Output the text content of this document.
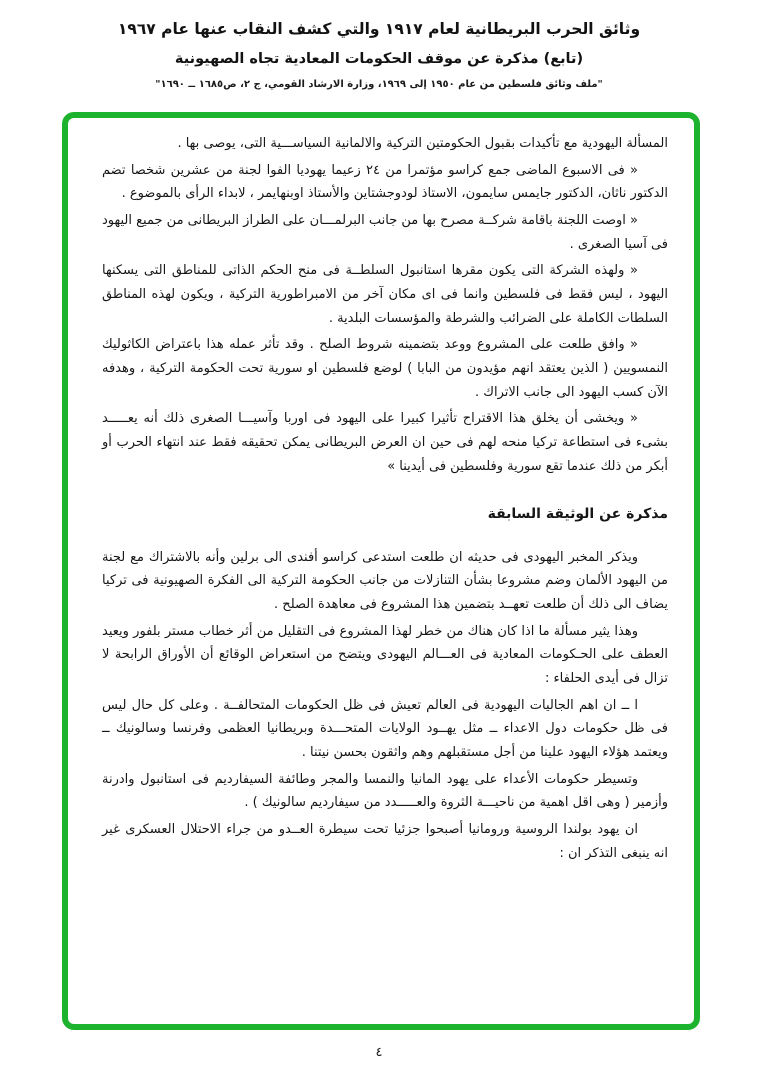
وثائق الحرب البريطانية لعام ١٩١٧ والتي كشف النقاب عنها عام ١٩٦٧
(تابع) مذكرة عن موقف الحكومات المعادية تجاه الصهيونية
"ملف وثائق فلسطين من عام ١٩٥٠ إلى ١٩٦٩، وزارة الارشاد القومي، ج ٢، ص١٦٨٥ ــ ١٦٩٠"

المسألة اليهودية مع تأكيدات بقبول الحكومتين التركية والالمانية السياســـية التى، يوصى بها .

« فى الاسبوع الماضى جمع كراسو مؤتمرا من ٢٤ زعيما يهوديا الفوا لجنة من عشرين شخصا تضم الدكتور ناثان، الدكتور جايمس سايمون، الاستاذ لودوجشتاين والأستاذ اوبنهايمر ، لابداء الرأى بالموضوع .

« اوصت اللجنة باقامة شركــة مصرح بها من جانب البرلمـــان على الطراز البريطانى من جميع اليهود فى آسيا الصغرى .

« ولهذه الشركة التى يكون مقرها استانبول السلطــة فى منح الحكم الذاتى للمناطق التى يسكنها اليهود ، ليس فقط فى فلسطين وانما فى اى مكان آخر من الامبراطورية التركية ، ويكون لهذه المناطق السلطات الكاملة على الضرائب والشرطة والمؤسسات البلدية .

« وافق طلعت على المشروع ووعد بتضمينه شروط الصلح . وقد تأثر عمله هذا باعتراض الكاثوليك النمسويين ( الذين يعتقد انهم مؤيدون من البابا ) لوضع فلسطين او سورية تحت الحكومة التركية ، وهدفه الآن كسب اليهود الى جانب الاتراك .

« ويخشى أن يخلق هذا الاقتراح تأثيرا كبيرا على اليهود فى اوربا وآسيـــا الصغرى ذلك أنه يعـــــد بشىء فى استطاعة تركيا منحه لهم فى حين ان العرض البريطانى يمكن تحقيقه فقط عند انتهاء الحرب أو أبكر من ذلك عندما تقع سورية وفلسطين فى أيدينا »

مذكرة عن الوثيقة السابقة

ويذكر المخبر اليهودى فى حديثه ان طلعت استدعى كراسو أفندى الى برلين وأنه بالاشتراك مع لجنة من اليهود الألمان وضم مشروعا بشأن التنازلات من جانب الحكومة التركية الى الفكرة الصهيونية فى تركيا يضاف الى ذلك أن طلعت تعهــد بتضمين هذا المشروع فى معاهدة الصلح .

وهذا يثير مسألة ما اذا كان هناك من خطر لهذا المشروع فى التقليل من أثر خطاب مستر بلفور ويعيد العطف على الحـكومات المعادية فى العـــالم اليهودى ويتضح من استعراض الوقائع أن الأوراق الرابحة لا تزال فى أيدى الحلفاء :

ا ــ ان اهم الجاليات اليهودية فى العالم تعيش فى ظل الحكومات المتحالفــة . وعلى كل حال ليس فى ظل حكومات دول الاعداء ــ مثل يهــود الولايات المتحـــدة وبريطانيا العظمى وفرنسا وسالونيك ــ ويعتمد هؤلاء اليهود علينا من أجل مستقبلهم وهم واثقون بحسن نيتنا .

وتسيطر حكومات الأعداء على يهود المانيا والنمسا والمجر وطائفة السيفارديم فى استانبول وادرنة وأزمير ( وهى اقل اهمية من ناحيـــة الثروة والعـــــدد من سيفارديم سالونيك ) .

ان يهود بولندا الروسية ورومانيا أصبحوا جزئيا تحت سيطرة العــدو من جراء الاحتلال العسكرى غير انه ينبغى التذكر ان :

٤
